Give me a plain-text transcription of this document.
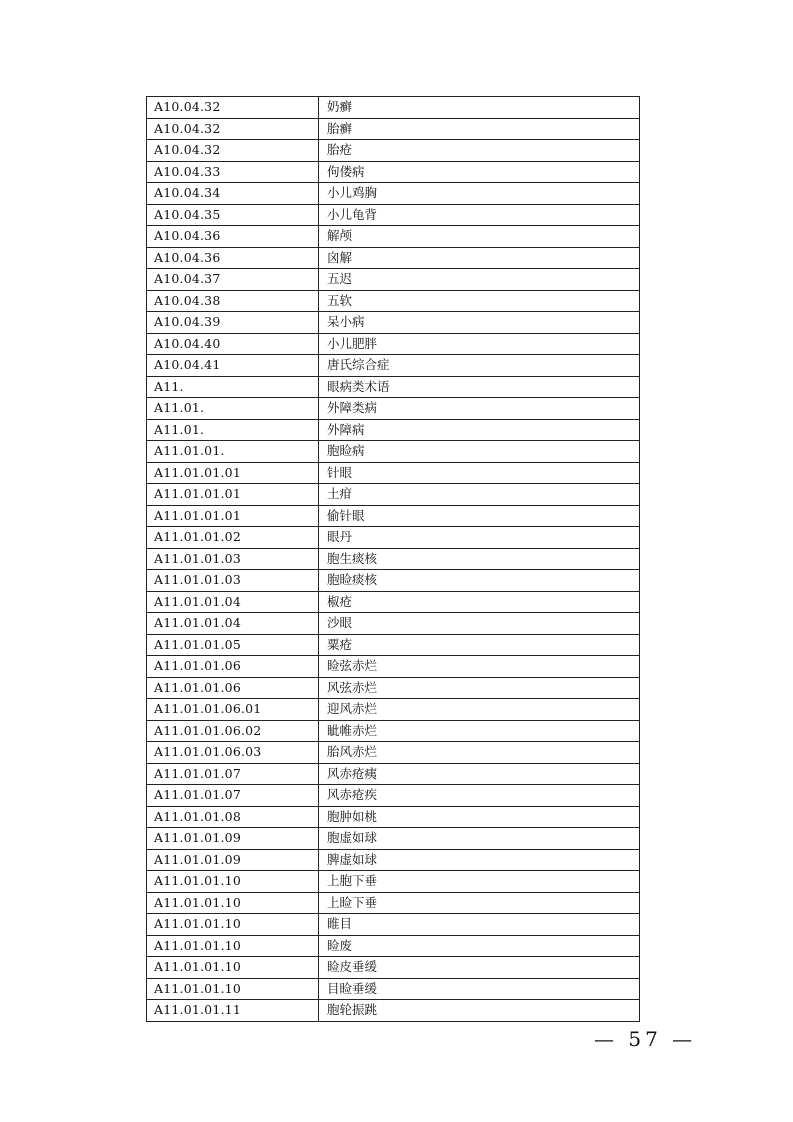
A10.04.32	奶癣
A10.04.32	胎癣
A10.04.32	胎疮
A10.04.33	佝偻病
A10.04.34	小儿鸡胸
A10.04.35	小儿龟背
A10.04.36	解颅
A10.04.36	囟解
A10.04.37	五迟
A10.04.38	五软
A10.04.39	呆小病
A10.04.40	小儿肥胖
A10.04.41	唐氏综合症
A11.	眼病类术语
A11.01.	外障类病
A11.01.	外障病
A11.01.01.	胞睑病
A11.01.01.01	针眼
A11.01.01.01	土疳
A11.01.01.01	偷针眼
A11.01.01.02	眼丹
A11.01.01.03	胞生痰核
A11.01.01.03	胞睑痰核
A11.01.01.04	椒疮
A11.01.01.04	沙眼
A11.01.01.05	粟疮
A11.01.01.06	睑弦赤烂
A11.01.01.06	风弦赤烂
A11.01.01.06.01	迎风赤烂
A11.01.01.06.02	眦帷赤烂
A11.01.01.06.03	胎风赤烂
A11.01.01.07	风赤疮痍
A11.01.01.07	风赤疮疾
A11.01.01.08	胞肿如桃
A11.01.01.09	胞虚如球
A11.01.01.09	脾虚如球
A11.01.01.10	上胞下垂
A11.01.01.10	上睑下垂
A11.01.01.10	睢目
A11.01.01.10	睑废
A11.01.01.10	睑皮垂缓
A11.01.01.10	目睑垂缓
A11.01.01.11	胞轮振跳
— 57 —
